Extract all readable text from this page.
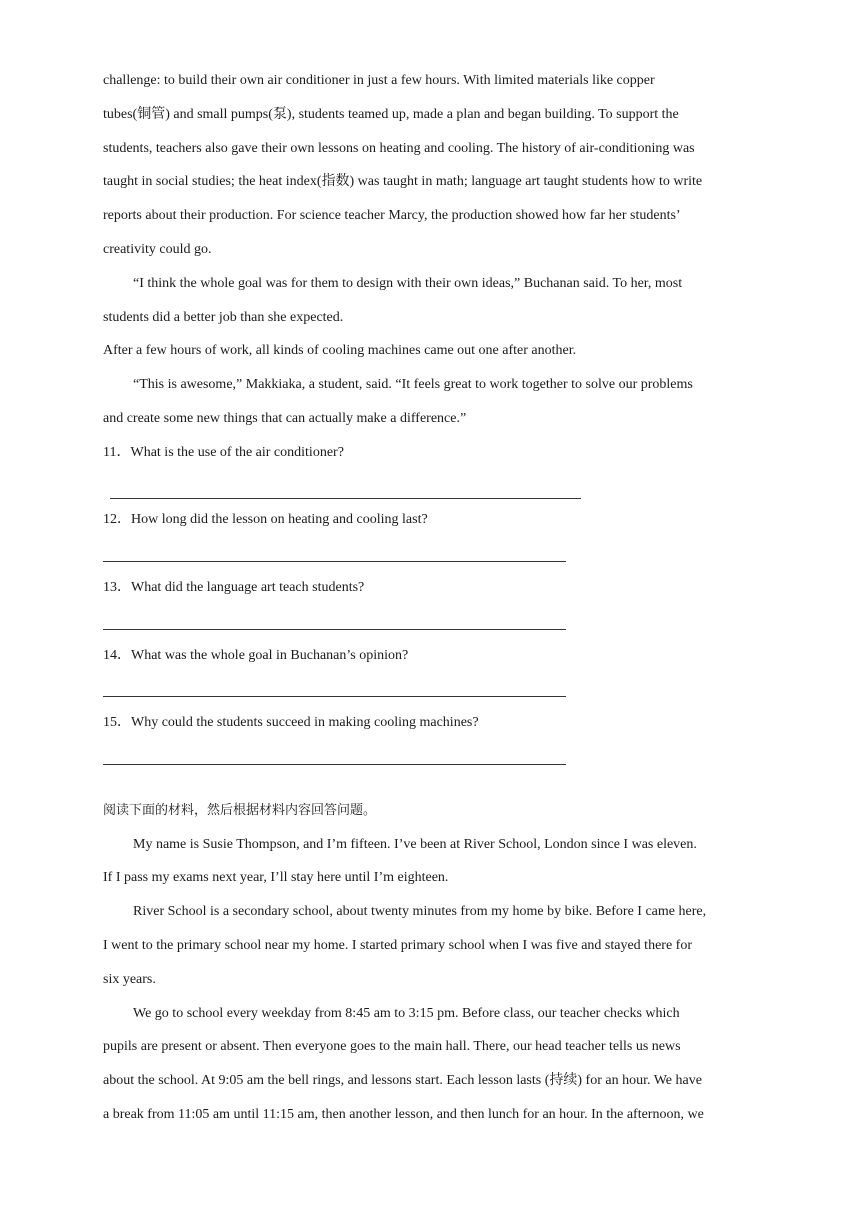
challenge: to build their own air conditioner in just a few hours. With limited materials like copper
tubes(铜管) and small pumps(泵), students teamed up, made a plan and began building. To support the
students, teachers also gave their own lessons on heating and cooling. The history of air-conditioning was
taught in social studies; the heat index(指数) was taught in math; language art taught students how to write
reports about their production. For science teacher Marcy, the production showed how far her students’
creativity could go.
“I think the whole goal was for them to design with their own ideas,” Buchanan said. To her, most
students did a better job than she expected.
After a few hours of work, all kinds of cooling machines came out one after another.
“This is awesome,” Makkiaka, a student, said. “It feels great to work together to solve our problems
and create some new things that can actually make a difference.”
11．What is the use of the air conditioner?
12．How long did the lesson on heating and cooling last?
13．What did the language art teach students?
14．What was the whole goal in Buchanan’s opinion?
15．Why could the students succeed in making cooling machines?
阅读下面的材料，然后根据材料内容回答问题。
My name is Susie Thompson, and I’m fifteen. I’ve been at River School, London since I was eleven.
If I pass my exams next year, I’ll stay here until I’m eighteen.
River School is a secondary school, about twenty minutes from my home by bike. Before I came here,
I went to the primary school near my home. I started primary school when I was five and stayed there for
six years.
We go to school every weekday from 8:45 am to 3:15 pm. Before class, our teacher checks which
pupils are present or absent. Then everyone goes to the main hall. There, our head teacher tells us news
about the school. At 9:05 am the bell rings, and lessons start. Each lesson lasts (持续) for an hour. We have
a break from 11:05 am until 11:15 am, then another lesson, and then lunch for an hour. In the afternoon, we
